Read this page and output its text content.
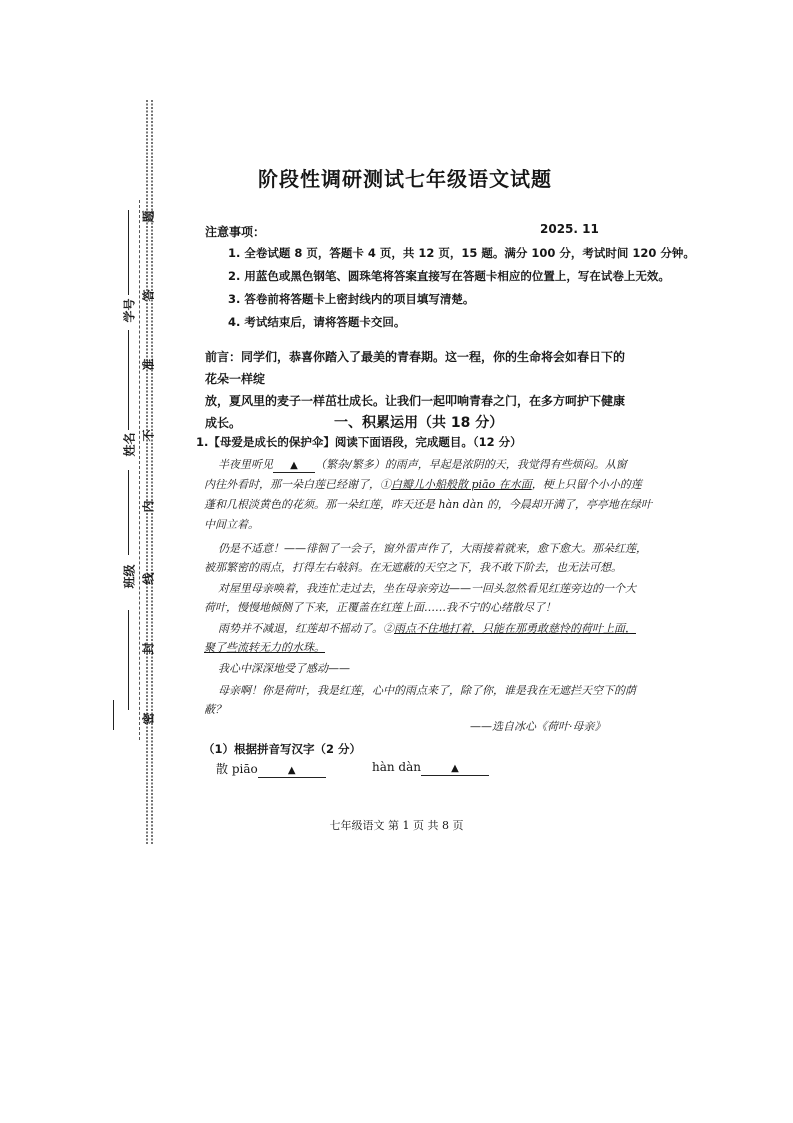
学号
姓名
班级
题
答
准
不
内
线
封
密
阶段性调研测试七年级语文试题
2025. 11
注意事项：
1. 全卷试题 8 页，答题卡 4 页，共 12 页，15 题。满分 100 分，考试时间 120 分钟。
2. 用蓝色或黑色钢笔、圆珠笔将答案直接写在答题卡相应的位置上，写在试卷上无效。
3. 答卷前将答题卡上密封线内的项目填写清楚。
4. 考试结束后，请将答题卡交回。
前言：同学们，恭喜你踏入了最美的青春期。这一程，你的生命将会如春日下的花朵一样绽
放，夏风里的麦子一样茁壮成长。让我们一起叩响青春之门，在多方呵护下健康成长。	一、积累运用（共 18 分）
1.【母爱是成长的保护伞】阅读下面语段，完成题目。（12 分）
半夜里听见 ▲ （繁杂/繁多）的雨声，早起是浓阴的天，我觉得有些烦闷。从窗
内往外看时，那一朵白莲已经谢了，①白瓣儿小船般散 piāo 在水面，梗上只留个小小的莲
蓬和几根淡黄色的花须。那一朵红莲，昨天还是 hàn dàn 的，今晨却开满了，亭亭地在绿叶
中间立着。
仍是不适意！——徘徊了一会子，窗外雷声作了，大雨接着就来，愈下愈大。那朵红莲，
被那繁密的雨点，打得左右敧斜。在无遮蔽的天空之下，我不敢下阶去，也无法可想。
对屋里母亲唤着，我连忙走过去，坐在母亲旁边——一回头忽然看见红莲旁边的一个大
荷叶，慢慢地倾侧了下来，正覆盖在红莲上面……我不宁的心绪散尽了！
雨势并不减退，红莲却不摇动了。②雨点不住地打着，只能在那勇敢慈怜的荷叶上面，
聚了些流转无力的水珠。
我心中深深地受了感动——
母亲啊！你是荷叶，我是红莲，心中的雨点来了，除了你，谁是我在无遮拦天空下的荫
蔽？
——选自冰心《荷叶·母亲》
（1）根据拼音写汉字（2 分）
散 piāo	▲	hàn dàn	▲
七年级语文 第 1 页 共 8 页
